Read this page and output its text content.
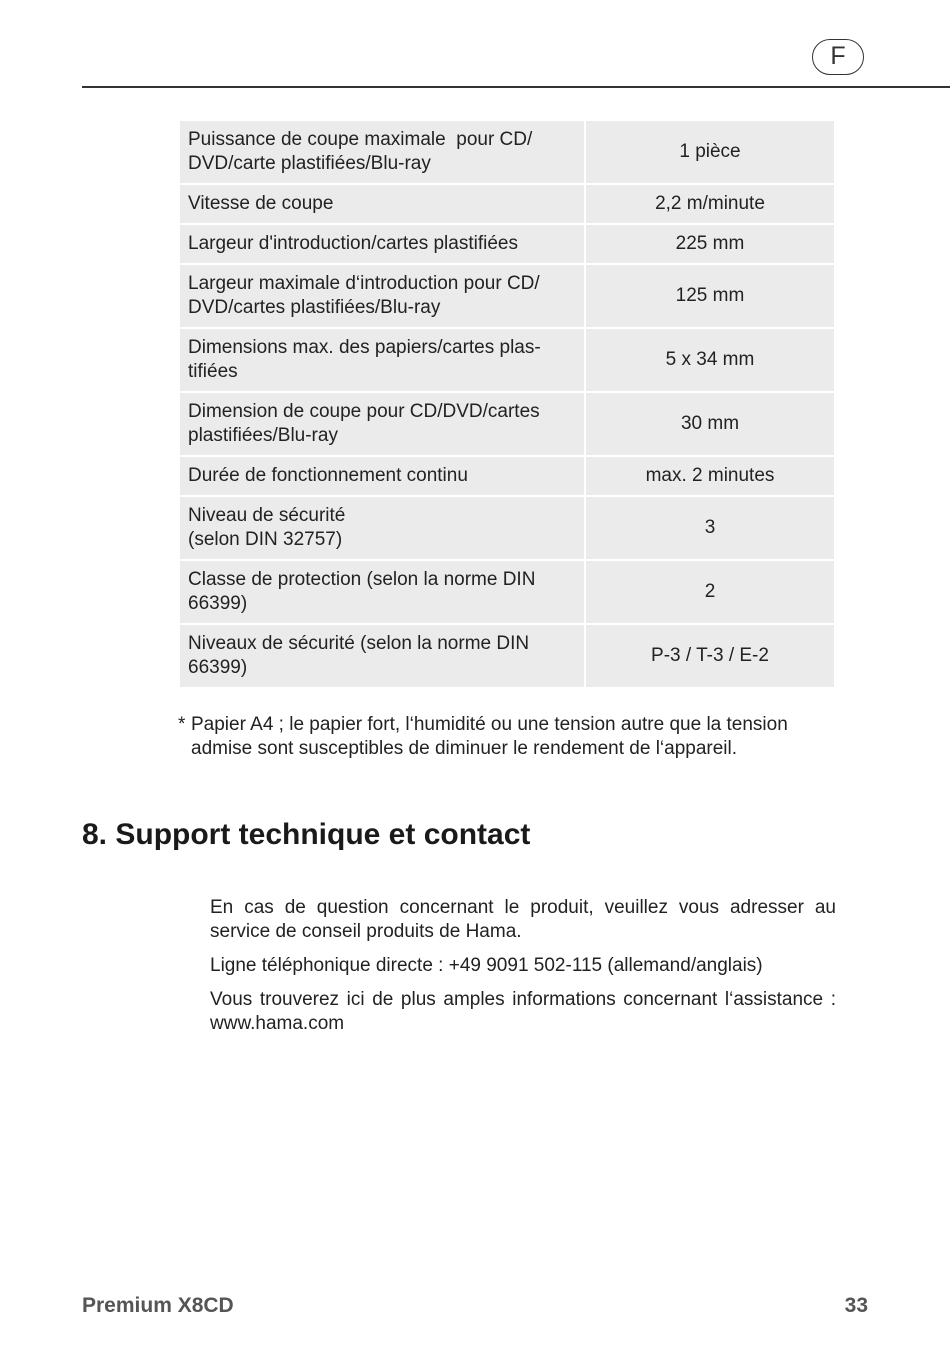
F
Puissance de coupe maximale  pour CD/
DVD/carte plastifiées/Blu-ray	1 pièce
Vitesse de coupe	2,2 m/minute
Largeur d'introduction/cartes plastifiées	225 mm
Largeur maximale d‘introduction pour CD/
DVD/cartes plastifiées/Blu-ray	125 mm
Dimensions max. des papiers/cartes plas-
tifiées	5 x 34 mm
Dimension de coupe pour CD/DVD/cartes
plastifiées/Blu-ray	30 mm
Durée de fonctionnement continu	max. 2 minutes
Niveau de sécurité
(selon DIN 32757)	3
Classe de protection (selon la norme DIN
66399)	2
Niveaux de sécurité (selon la norme DIN
66399)	P-3 / T-3 / E-2
* Papier A4 ; le papier fort, l‘humidité ou une tension autre que la tension admise sont susceptibles de diminuer le rendement de l‘appareil.
8. Support technique et contact

En cas de question concernant le produit, veuillez vous adresser au service de conseil produits de Hama.

Ligne téléphonique directe : +49 9091 502-115 (allemand/anglais)

Vous trouverez ici de plus amples informations concernant l‘assistance : www.hama.com

Premium X8CD	33
